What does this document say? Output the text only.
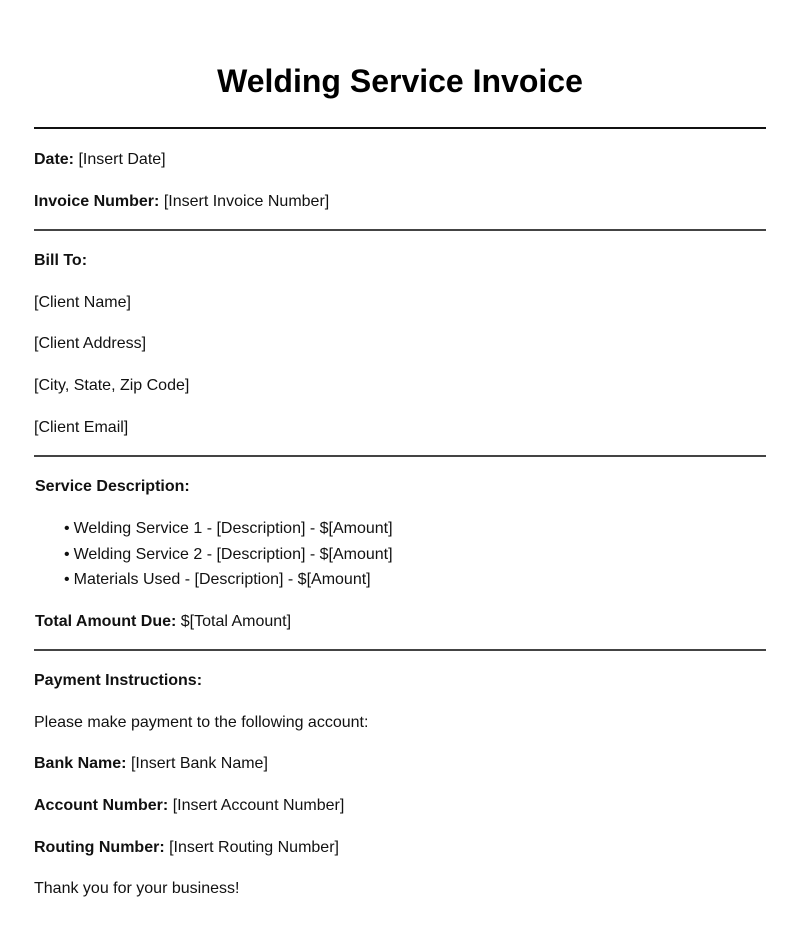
Welding Service Invoice
Date: [Insert Date]
Invoice Number: [Insert Invoice Number]
Bill To:
[Client Name]
[Client Address]
[City, State, Zip Code]
[Client Email]
Service Description:
• Welding Service 1 - [Description] - $[Amount]
• Welding Service 2 - [Description] - $[Amount]
• Materials Used - [Description] - $[Amount]
Total Amount Due: $[Total Amount]
Payment Instructions:
Please make payment to the following account:
Bank Name: [Insert Bank Name]
Account Number: [Insert Account Number]
Routing Number: [Insert Routing Number]
Thank you for your business!
